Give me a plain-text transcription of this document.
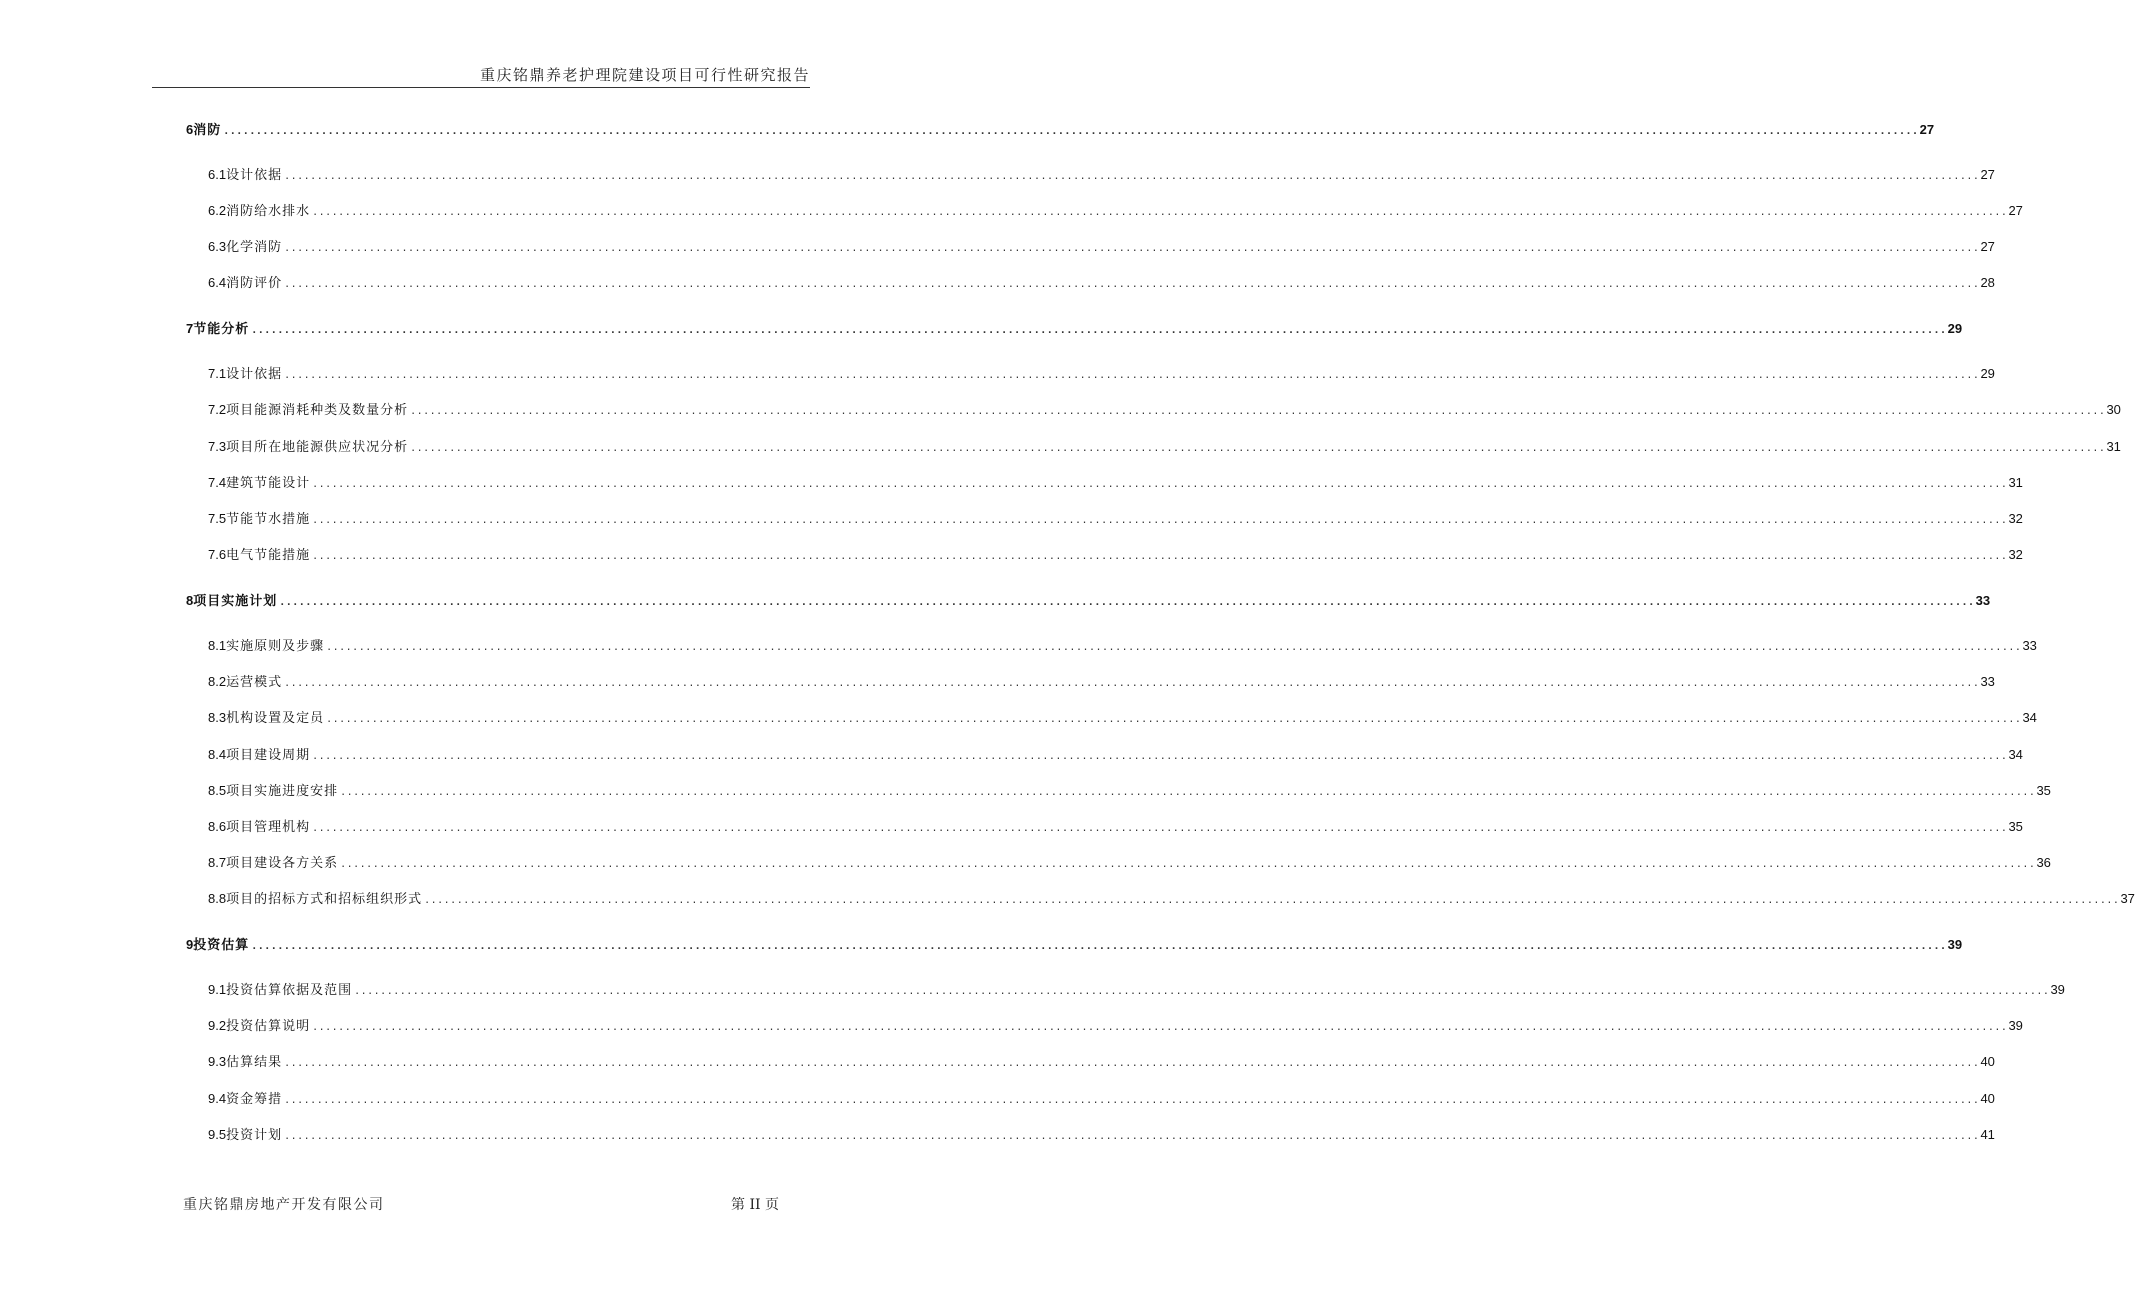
重庆铭鼎养老护理院建设项目可行性研究报告
6 消防 .................................................................................................................................................................................................................................................................... 27
6.1 设计依据 .................................................................................................................................................................................................................................................................... 27
6.2 消防给水排水 .................................................................................................................................................................................................................................................................... 27
6.3 化学消防 .................................................................................................................................................................................................................................................................... 27
6.4 消防评价 .................................................................................................................................................................................................................................................................... 28
7 节能分析 .................................................................................................................................................................................................................................................................... 29
7.1 设计依据 .................................................................................................................................................................................................................................................................... 29
7.2 项目能源消耗种类及数量分析 .................................................................................................................................................................................................................................................................... 30
7.3 项目所在地能源供应状况分析 .................................................................................................................................................................................................................................................................... 31
7.4 建筑节能设计 .................................................................................................................................................................................................................................................................... 31
7.5 节能节水措施 .................................................................................................................................................................................................................................................................... 32
7.6 电气节能措施 .................................................................................................................................................................................................................................................................... 32
8 项目实施计划 .................................................................................................................................................................................................................................................................... 33
8.1 实施原则及步骤 .................................................................................................................................................................................................................................................................... 33
8.2 运营模式 .................................................................................................................................................................................................................................................................... 33
8.3 机构设置及定员 .................................................................................................................................................................................................................................................................... 34
8.4 项目建设周期 .................................................................................................................................................................................................................................................................... 34
8.5 项目实施进度安排 .................................................................................................................................................................................................................................................................... 35
8.6 项目管理机构 .................................................................................................................................................................................................................................................................... 35
8.7 项目建设各方关系 .................................................................................................................................................................................................................................................................... 36
8.8 项目的招标方式和招标组织形式 .................................................................................................................................................................................................................................................................... 37
9 投资估算 .................................................................................................................................................................................................................................................................... 39
9.1 投资估算依据及范围 .................................................................................................................................................................................................................................................................... 39
9.2 投资估算说明 .................................................................................................................................................................................................................................................................... 39
9.3 估算结果 .................................................................................................................................................................................................................................................................... 40
9.4 资金筹措 .................................................................................................................................................................................................................................................................... 40
9.5 投资计划 .................................................................................................................................................................................................................................................................... 41
重庆铭鼎房地产开发有限公司	第 II 页
